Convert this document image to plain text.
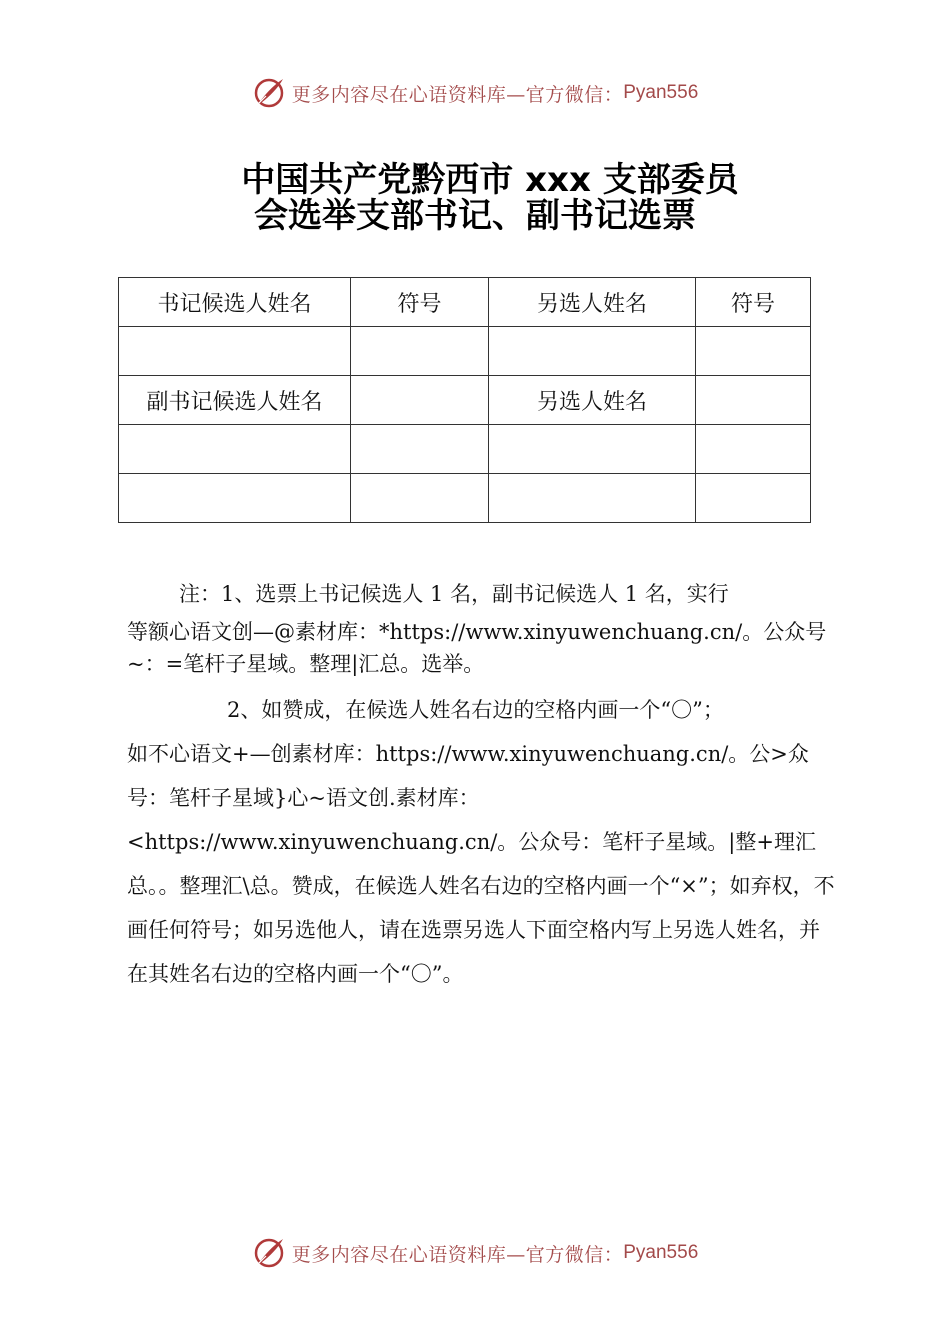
更多内容尽在心语资料库—官方微信： Pyan556
中国共产党黔西市 xxx 支部委员
会选举支部书记、副书记选票
书记候选人姓名	符号	另选人姓名	符号

副书记候选人姓名		另选人姓名	

注：1、选票上书记候选人 1 名，副书记候选人 1 名，实行

等额心语文创—@素材库：*https://www.xinyuwenchuang.cn/。公众号~：=笔杆子星域。整理|汇总。选举。

2、如赞成，在候选人姓名右边的空格内画一个“〇”；

如不心语文+—创素材库：https://www.xinyuwenchuang.cn/。公>众号：笔杆子星域}心~语文创.素材库：<https://www.xinyuwenchuang.cn/。公众号：笔杆子星域。|整+理汇总。。整理汇\总。赞成，在候选人姓名右边的空格内画一个“×”；如弃权，不画任何符号；如另选他人，请在选票另选人下面空格内写上另选人姓名，并在其姓名右边的空格内画一个“〇”。

更多内容尽在心语资料库—官方微信： Pyan556
